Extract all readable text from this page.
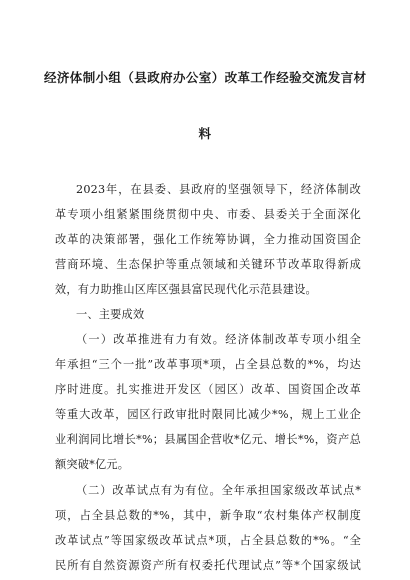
经济体制小组（县政府办公室）改革工作经验交流发言材
料
2023年，在县委、县政府的坚强领导下，经济体制改
革专项小组紧紧围绕贯彻中央、市委、县委关于全面深化
改革的决策部署，强化工作统筹协调，全力推动国资国企
营商环境、生态保护等重点领域和关键环节改革取得新成
效，有力助推山区库区强县富民现代化示范县建设。
一、主要成效
（一）改革推进有力有效。经济体制改革专项小组全
年承担“三个一批”改革事项*项，占全县总数的*%，均达
序时进度。扎实推进开发区（园区）改革、国资国企改革
等重大改革，园区行政审批时限同比减少*%，规上工业企
业利润同比增长*%；县属国企营收*亿元、增长*%，资产总
额突破*亿元。
（二）改革试点有为有位。全年承担国家级改革试点*
项，占全县总数的*%，其中，新争取“农村集体产权制度
改革试点”等国家级改革试点*项，占全县总数的*%。“全
民所有自然资源资产所有权委托代理试点”等*个国家级试
